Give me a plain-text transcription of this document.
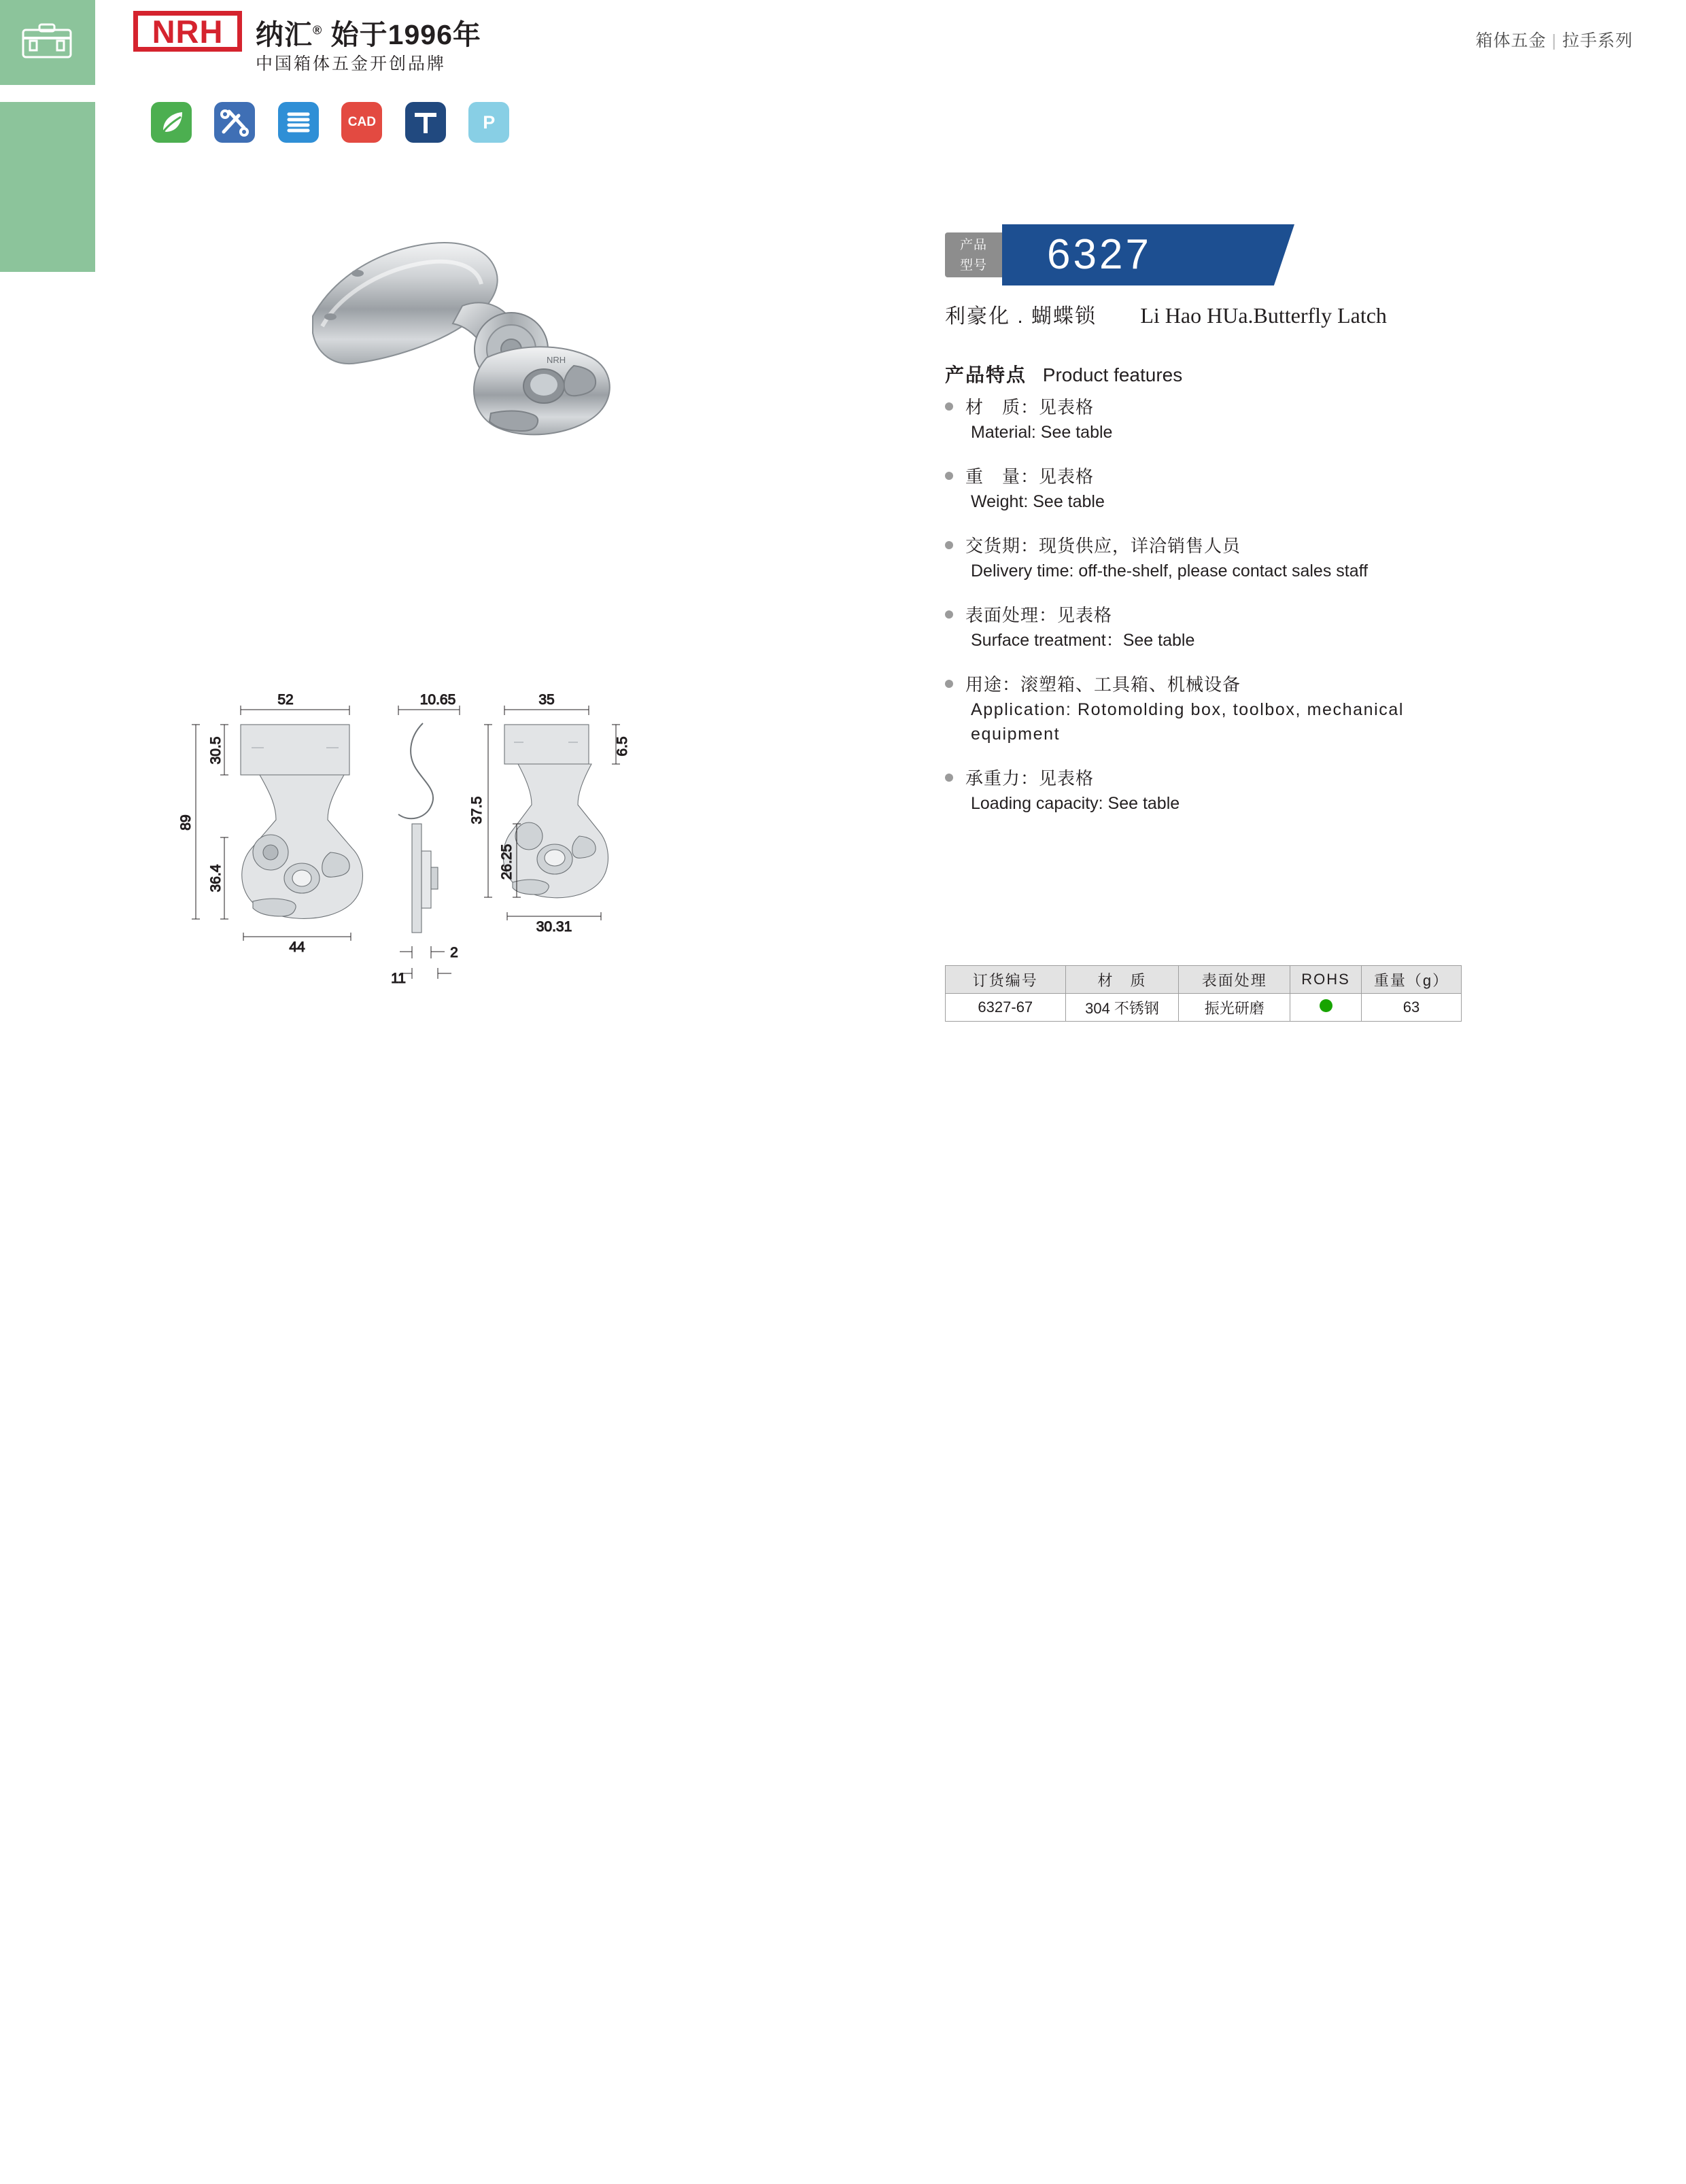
NRH	纳汇® 始于1996年
中国箱体五金开创品牌
箱体五金 | 拉手系列

CAD

	P
NRH
52
30.5
89
36.4
44
10.65
2
11
35
6.5
37.5
26.25
30.31
产品
型号	6327
利豪化 . 蝴蝶锁 Li Hao HUa.Butterfly Latch
产品特点 Product features
材　质：见表格
Material: See table
重　量：见表格
Weight: See table
交货期：现货供应，详洽销售人员
Delivery time: off-the-shelf, please contact sales staff
表面处理：见表格
Surface treatment：See table
用途：滚塑箱、工具箱、机械设备
Application: Rotomolding box, toolbox, mechanical equipment
承重力：见表格
Loading capacity: See table
订货编号	材　质	表面处理	ROHS	重量（g）
6327-67	304 不锈钢	振光研磨		63
